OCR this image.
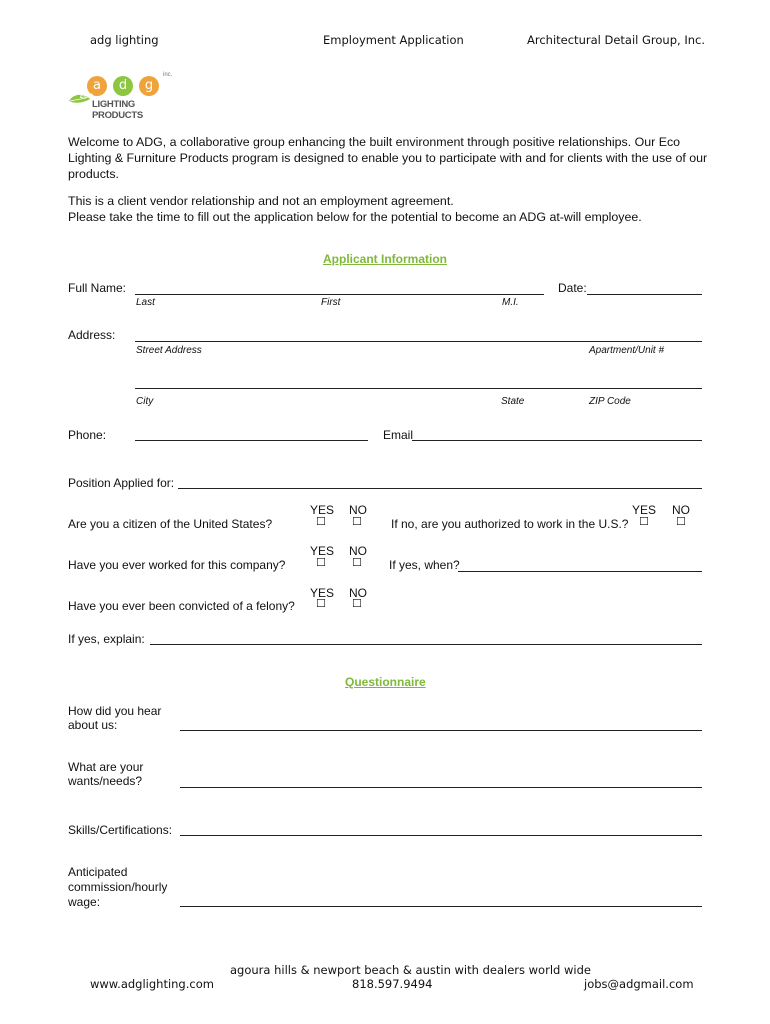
adg lighting	Employment Application	Architectural Detail Group, Inc.
a	d	g
inc.
ECO
LIGHTING PRODUCTS
Welcome to ADG, a collaborative group enhancing the built environment through positive relationships. Our Eco Lighting & Furniture Products program is designed to enable you to participate with and for clients with the use of our products.
This is a client vendor relationship and not an employment agreement.
Please take the time to fill out the application below for the potential to become an ADG at-will employee.
Applicant Information
Full Name:	Date:
Last	First	M.I.
Address:
Street Address	Apartment/Unit #
City	State	ZIP Code
Phone:	Email
Position Applied for:
YES NO
Are you a citizen of the United States?	☐ ☐
YES NO
If no, are you authorized to work in the U.S.? ☐ ☐
YES NO
Have you ever worked for this company?	☐ ☐ If yes, when?
YES NO
Have you ever been convicted of a felony? ☐ ☐
If yes, explain:
Questionnaire
How did you hear
about us:
What are your
wants/needs?
Skills/Certifications:
Anticipated
commission/hourly
wage:
www.adglighting.com
agoura hills & newport beach & austin with dealers world wide
818.597.9494	jobs@adgmail.com
